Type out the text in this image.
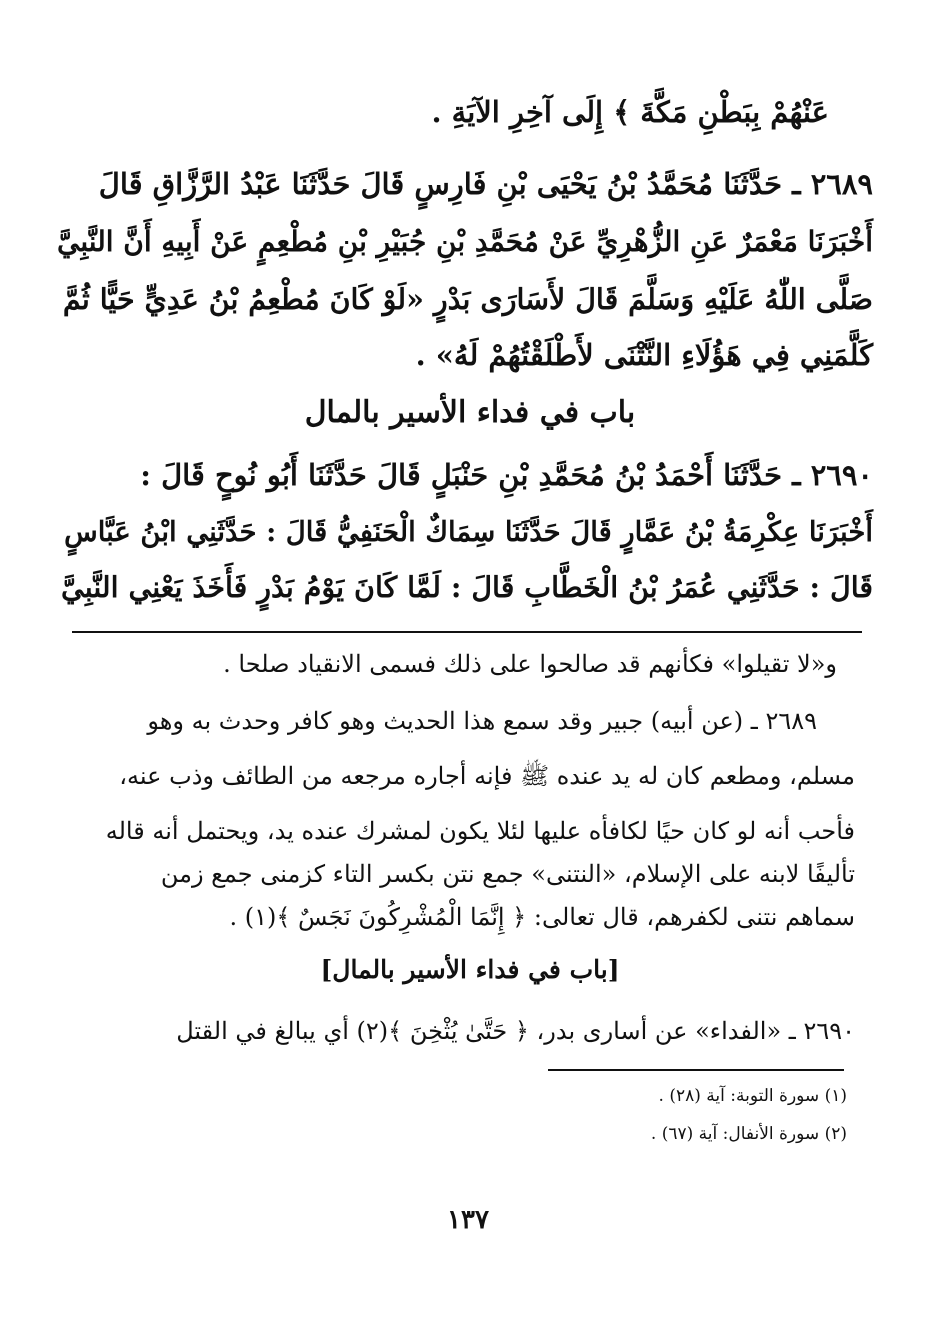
عَنْهُمْ بِبَطْنِ مَكَّةَ ﴾ إِلَى آخِرِ الآيَةِ .

٢٦٨٩ ـ حَدَّثَنَا مُحَمَّدُ بْنُ يَحْيَى بْنِ فَارِسٍ قَالَ حَدَّثَنَا عَبْدُ الرَّزَّاقِ قَالَ

أَخْبَرَنَا مَعْمَرٌ عَنِ الزُّهْرِيِّ عَنْ مُحَمَّدِ بْنِ جُبَيْرِ بْنِ مُطْعِمٍ عَنْ أَبِيهِ أَنَّ النَّبِيَّ

صَلَّى اللّٰهُ عَلَيْهِ وَسَلَّمَ قَالَ لأَسَارَى بَدْرٍ «لَوْ كَانَ مُطْعِمُ بْنُ عَدِيٍّ حَيًّا ثُمَّ

كَلَّمَنِي فِي هَؤُلَاءِ النَّتْنَى لأَطْلَقْتُهُمْ لَهُ» .

باب في فداء الأسير بالمال

٢٦٩٠ ـ حَدَّثَنَا أَحْمَدُ بْنُ مُحَمَّدِ بْنِ حَنْبَلٍ قَالَ حَدَّثَنَا أَبُو نُوحٍ قَالَ :

أَخْبَرَنَا عِكْرِمَةُ بْنُ عَمَّارٍ قَالَ حَدَّثَنَا سِمَاكٌ الْحَنَفِيُّ قَالَ : حَدَّثَنِي ابْنُ عَبَّاسٍ

قَالَ : حَدَّثَنِي عُمَرُ بْنُ الْخَطَّابِ قَالَ : لَمَّا كَانَ يَوْمُ بَدْرٍ فَأَخَذَ يَعْنِي النَّبِيَّ

و«لا تقيلوا» فكأنهم قد صالحوا على ذلك فسمى الانقياد صلحا .

٢٦٨٩ ـ (عن أبيه) جبير وقد سمع هذا الحديث وهو كافر وحدث به وهو

مسلم، ومطعم كان له يد عنده ﷺ فإنه أجاره مرجعه من الطائف وذب عنه،

فأحب أنه لو كان حيًا لكافأه عليها لئلا يكون لمشرك عنده يد، ويحتمل أنه قاله

تأليفًا لابنه على الإسلام، «النتنى» جمع نتن بكسر التاء كزمنى جمع زمن

سماهم نتنى لكفرهم، قال تعالى: ﴿ إِنَّمَا الْمُشْرِكُونَ نَجَسٌ ﴾(١) .

[باب في فداء الأسير بالمال]

٢٦٩٠ ـ «الفداء» عن أسارى بدر، ﴿ حَتَّىٰ يُثْخِنَ ﴾(٢) أي يبالغ في القتل

(١) سورة التوبة: آية (٢٨) .

(٢) سورة الأنفال: آية (٦٧) .

١٣٧
